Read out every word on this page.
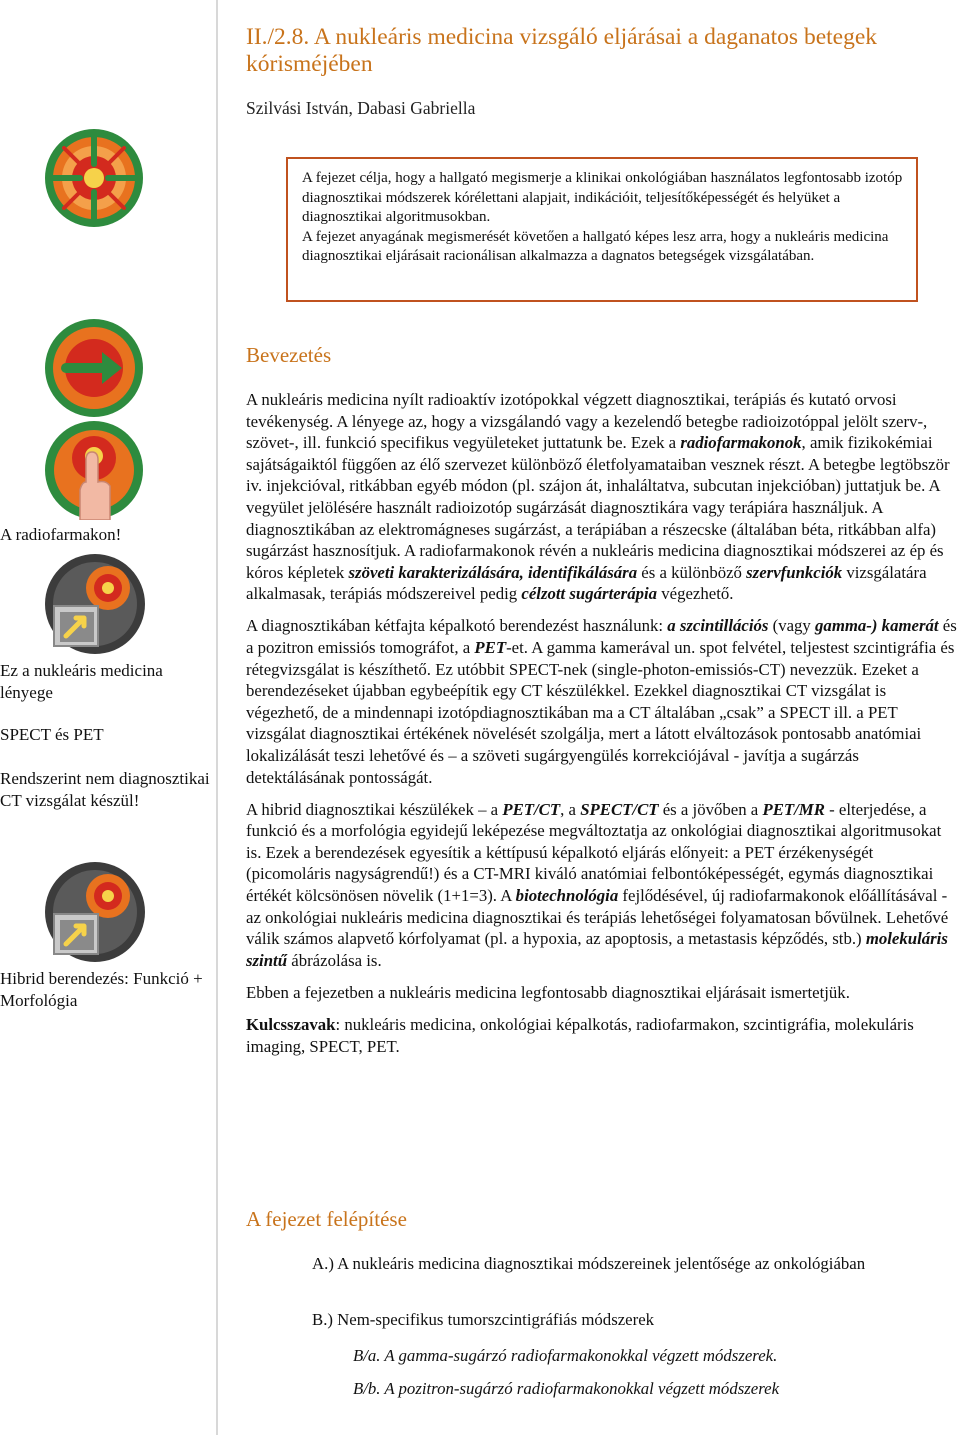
II./2.8. A nukleáris medicina vizsgáló eljárásai a daganatos betegek kórisméjében
Szilvási István, Dabasi Gabriella

A fejezet célja, hogy a hallgató megismerje a klinikai onkológiában használatos legfontosabb izotóp diagnosztikai módszerek kórélettani alapjait, indikációit, teljesítőképességét és helyüket a diagnosztikai algoritmusokban.

A fejezet anyagának megismerését követően a hallgató képes lesz arra, hogy a nukleáris medicina diagnosztikai eljárásait racionálisan alkalmazza a dagnatos betegségek vizsgálatában.

A radiofarmakon!
Ez a nukleáris medicina lényege
SPECT és PET
Rendszerint nem diagnosztikai CT vizsgálat készül!
Hibrid berendezés: Funkció + Morfológia
Bevezetés

A nukleáris medicina nyílt radioaktív izotópokkal végzett diagnosztikai, terápiás és kutató orvosi tevékenység. A lényege az, hogy a vizsgálandó vagy a kezelendő betegbe radioizotóppal jelölt szerv-, szövet-, ill. funkció specifikus vegyületeket juttatunk be. Ezek a radiofarmakonok, amik fizikokémiai sajátságaiktól függően az élő szervezet különböző életfolyamataiban vesznek részt. A betegbe legtöbször iv. injekcióval, ritkábban egyéb módon (pl. szájon át, inhaláltatva, subcutan injekcióban) juttatjuk be. A vegyület jelölésére használt radioizotóp sugárzását diagnosztikára vagy terápiára használjuk. A diagnosztikában az elektromágneses sugárzást, a terápiában a részecske (általában béta, ritkábban alfa) sugárzást hasznosítjuk. A radiofarmakonok révén a nukleáris medicina diagnosztikai módszerei az ép és kóros képletek szöveti karakterizálására, identifikálására és a különböző szervfunkciók vizsgálatára alkalmasak, terápiás módszereivel pedig célzott sugárterápia végezhető.

A diagnosztikában kétfajta képalkotó berendezést használunk: a szcintillációs (vagy gamma-) kamerát és a pozitron emissiós tomográfot, a PET-et. A gamma kamerával un. spot felvétel, teljestest szcintigráfia és rétegvizsgálat is készíthető. Ez utóbbit SPECT-nek (single-photon-emissiós-CT) nevezzük. Ezeket a berendezéseket újabban egybeépítik egy CT készülékkel. Ezekkel diagnosztikai CT vizsgálat is végezhető, de a mindennapi izotópdiagnosztikában ma a CT általában „csak” a SPECT ill. a PET vizsgálat diagnosztikai értékének növelését szolgálja, mert a látott elváltozások pontosabb anatómiai lokalizálását teszi lehetővé és – a szöveti sugárgyengülés korrekciójával - javítja a sugárzás detektálásának pontosságát.

A hibrid diagnosztikai készülékek – a PET/CT, a SPECT/CT és a jövőben a PET/MR - elterjedése, a funkció és a morfológia egyidejű leképezése megváltoztatja az onkológiai diagnosztikai algoritmusokat is. Ezek a berendezések egyesítik a kéttípusú képalkotó eljárás előnyeit: a PET érzékenységét (picomoláris nagyságrendű!) és a CT-MRI kiváló anatómiai felbontóképességét, egymás diagnosztikai értékét kölcsönösen növelik (1+1=3). A biotechnológia fejlődésével, új radiofarmakonok előállításával - az onkológiai nukleáris medicina diagnosztikai és terápiás lehetőségei folyamatosan bővülnek. Lehetővé válik számos alapvető kórfolyamat (pl. a hypoxia, az apoptosis, a metastasis képződés, stb.) molekuláris szintű ábrázolása is.

Ebben a fejezetben a nukleáris medicina legfontosabb diagnosztikai eljárásait ismertetjük.

Kulcsszavak: nukleáris medicina, onkológiai képalkotás, radiofarmakon, szcintigráfia, molekuláris imaging, SPECT, PET.

A fejezet felépítése
A.) A nukleáris medicina diagnosztikai módszereinek jelentősége az onkológiában
B.) Nem-specifikus tumorszcintigráfiás módszerek
B/a. A gamma-sugárzó radiofarmakonokkal végzett módszerek.
B/b. A pozitron-sugárzó radiofarmakonokkal végzett módszerek
